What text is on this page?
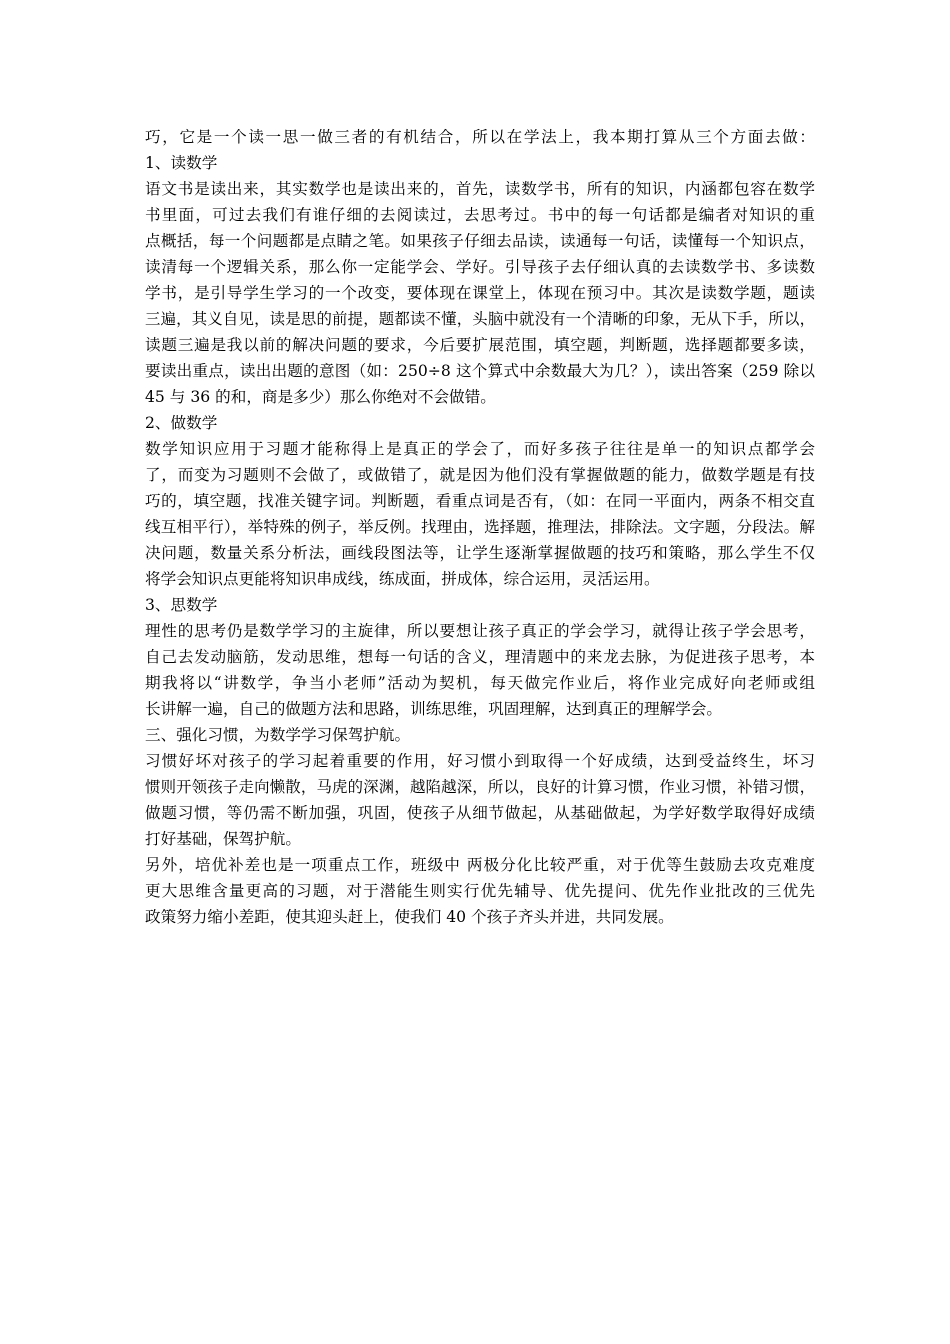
巧，它是一个读一思一做三者的有机结合，所以在学法上，我本期打算从三个方面去做：
1、读数学
语文书是读出来，其实数学也是读出来的，首先，读数学书，所有的知识，内涵都包容在数学
书里面，可过去我们有谁仔细的去阅读过，去思考过。书中的每一句话都是编者对知识的重
点概括，每一个问题都是点睛之笔。如果孩子仔细去品读，读通每一句话，读懂每一个知识点，
读清每一个逻辑关系，那么你一定能学会、学好。引导孩子去仔细认真的去读数学书、多读数
学书，是引导学生学习的一个改变，要体现在课堂上，体现在预习中。其次是读数学题，题读
三遍，其义自见，读是思的前提，题都读不懂，头脑中就没有一个清晰的印象，无从下手，所以，
读题三遍是我以前的解决问题的要求，今后要扩展范围，填空题，判断题，选择题都要多读，
要读出重点，读出出题的意图（如：250÷8 这个算式中余数最大为几？），读出答案（259 除以
45 与 36 的和，商是多少）那么你绝对不会做错。
2、做数学
数学知识应用于习题才能称得上是真正的学会了，而好多孩子往往是单一的知识点都学会
了，而变为习题则不会做了，或做错了，就是因为他们没有掌握做题的能力，做数学题是有技
巧的，填空题，找准关键字词。判断题，看重点词是否有，（如：在同一平面内，两条不相交直
线互相平行），举特殊的例子，举反例。找理由，选择题，推理法，排除法。文字题，分段法。解
决问题，数量关系分析法，画线段图法等，让学生逐渐掌握做题的技巧和策略，那么学生不仅
将学会知识点更能将知识串成线，练成面，拼成体，综合运用，灵活运用。
3、思数学
理性的思考仍是数学学习的主旋律，所以要想让孩子真正的学会学习，就得让孩子学会思考，
自己去发动脑筋，发动思维，想每一句话的含义，理清题中的来龙去脉，为促进孩子思考，本
期我将以“讲数学，争当小老师”活动为契机，每天做完作业后，将作业完成好向老师或组
长讲解一遍，自己的做题方法和思路，训练思维，巩固理解，达到真正的理解学会。
三、强化习惯，为数学学习保驾护航。
习惯好坏对孩子的学习起着重要的作用，好习惯小到取得一个好成绩，达到受益终生，坏习
惯则开领孩子走向懒散，马虎的深渊，越陷越深，所以，良好的计算习惯，作业习惯，补错习惯，
做题习惯，等仍需不断加强，巩固，使孩子从细节做起，从基础做起，为学好数学取得好成绩
打好基础，保驾护航。
另外，培优补差也是一项重点工作，班级中 两极分化比较严重，对于优等生鼓励去攻克难度
更大思维含量更高的习题，对于潜能生则实行优先辅导、优先提问、优先作业批改的三优先
政策努力缩小差距，使其迎头赶上，使我们 40 个孩子齐头并进，共同发展。
